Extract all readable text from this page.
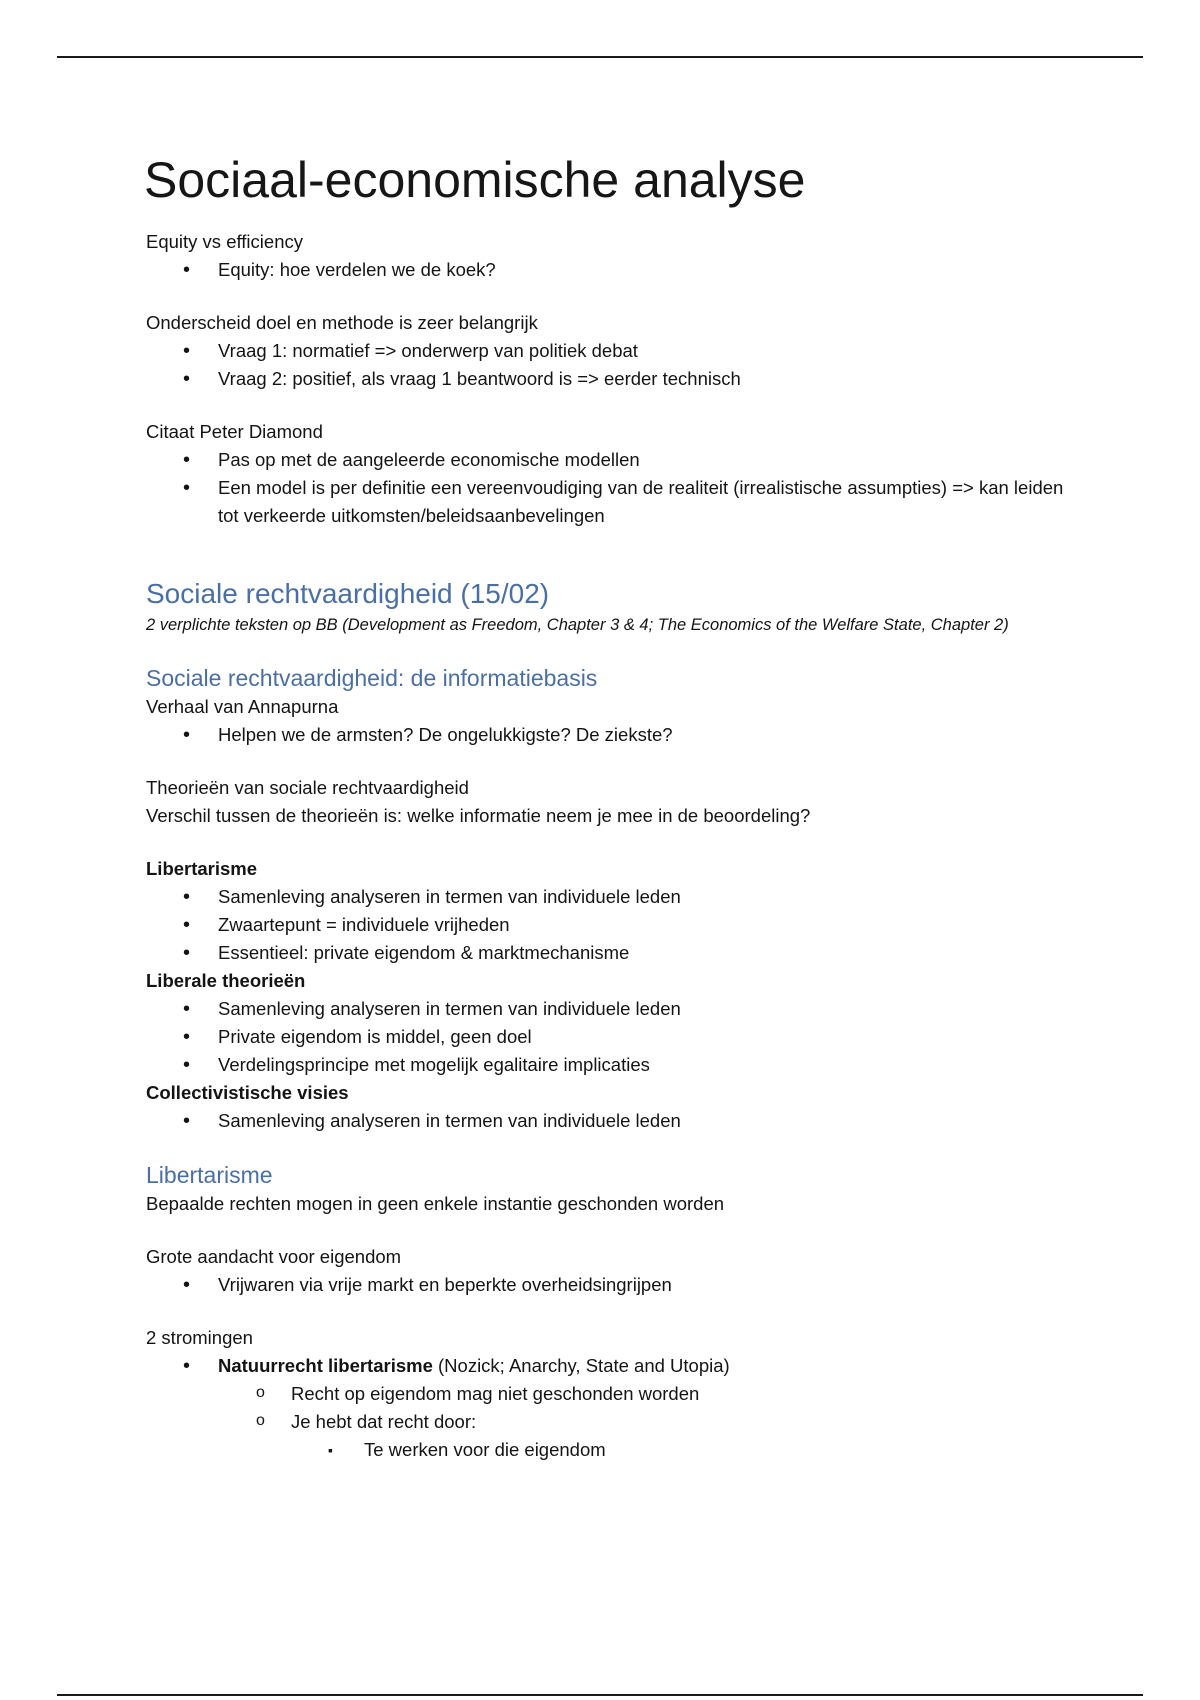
Sociaal-economische analyse

Equity vs efficiency

• Equity: hoe verdelen we de koek?

Onderscheid doel en methode is zeer belangrijk

• Vraag 1: normatief => onderwerp van politiek debat
• Vraag 2: positief, als vraag 1 beantwoord is => eerder technisch

Citaat Peter Diamond

• Pas op met de aangeleerde economische modellen
• Een model is per definitie een vereenvoudiging van de realiteit (irrealistische assumpties) => kan leiden tot verkeerde uitkomsten/beleidsaanbevelingen
Sociale rechtvaardigheid (15/02)

2 verplichte teksten op BB (Development as Freedom, Chapter 3 & 4; The Economics of the Welfare State, Chapter 2)

Sociale rechtvaardigheid: de informatiebasis

Verhaal van Annapurna

• Helpen we de armsten? De ongelukkigste? De ziekste?

Theorieën van sociale rechtvaardigheid

Verschil tussen de theorieën is: welke informatie neem je mee in de beoordeling?

Libertarisme

• Samenleving analyseren in termen van individuele leden
• Zwaartepunt = individuele vrijheden
• Essentieel: private eigendom & marktmechanisme

Liberale theorieën

• Samenleving analyseren in termen van individuele leden
• Private eigendom is middel, geen doel
• Verdelingsprincipe met mogelijk egalitaire implicaties

Collectivistische visies

• Samenleving analyseren in termen van individuele leden
Libertarisme

Bepaalde rechten mogen in geen enkele instantie geschonden worden

Grote aandacht voor eigendom

• Vrijwaren via vrije markt en beperkte overheidsingrijpen

2 stromingen

• Natuurrecht libertarisme (Nozick; Anarchy, State and Utopia)
o Recht op eigendom mag niet geschonden worden
o Je hebt dat recht door:
▪ Te werken voor die eigendom
